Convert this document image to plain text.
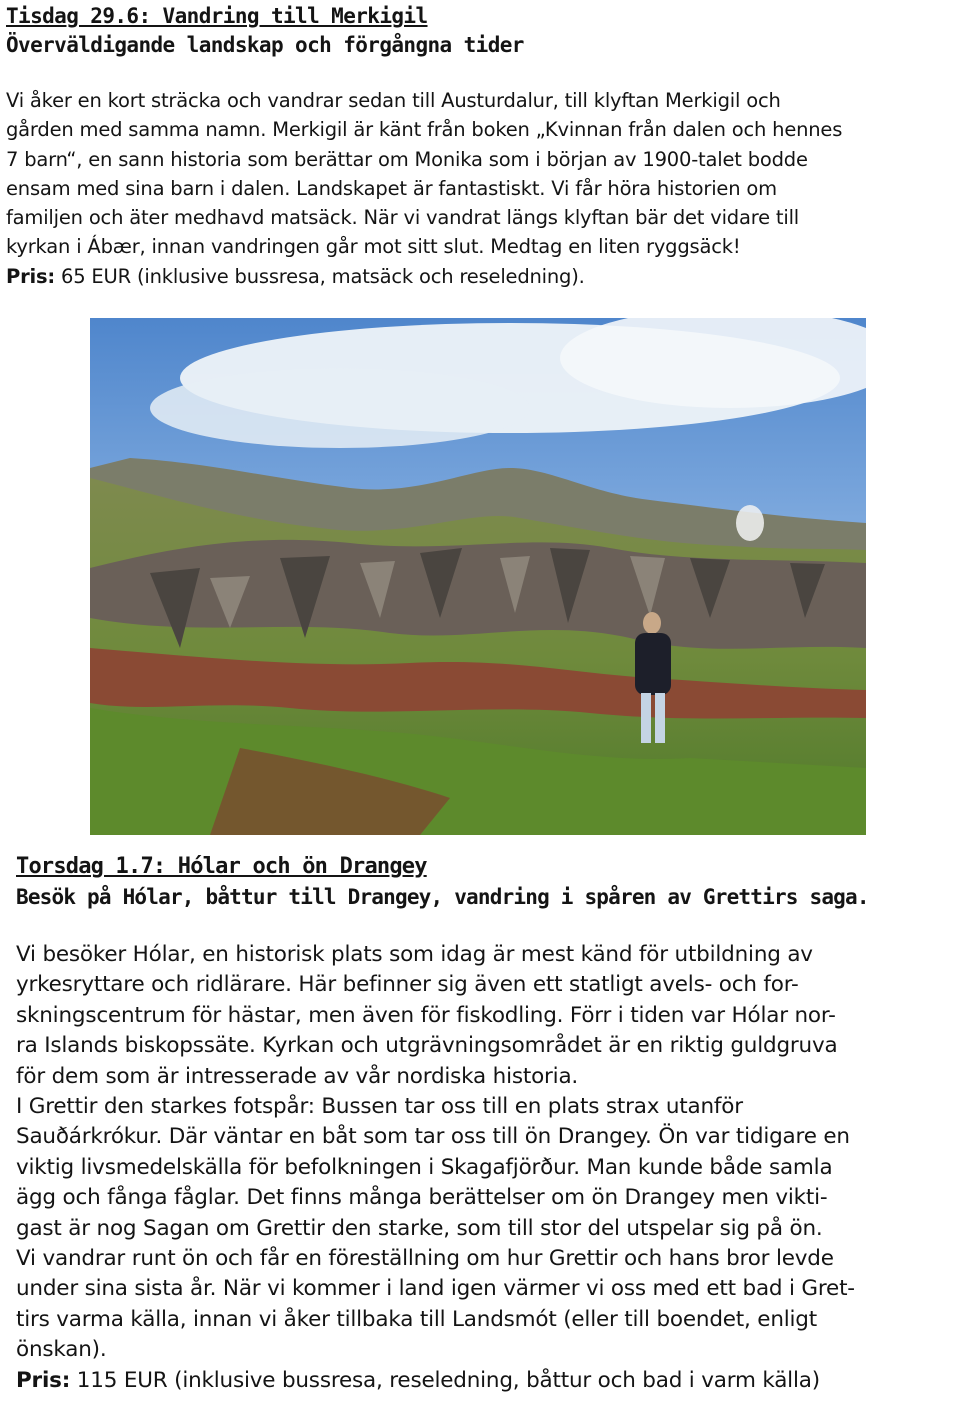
Tisdag 29.6: Vandring till Merkigil
Överväldigande landskap och förgångna tider

Vi åker en kort sträcka och vandrar sedan till Austurdalur, till klyftan Merkigil och

gården med samma namn. Merkigil är känt från boken „Kvinnan från dalen och hennes

7 barn“, en sann historia som berättar om Monika som i början av 1900-talet bodde

ensam med sina barn i dalen. Landskapet är fantastiskt. Vi får höra historien om

familjen och äter medhavd matsäck. När vi vandrat längs klyftan bär det vidare till

kyrkan i Ábær, innan vandringen går mot sitt slut. Medtag en liten ryggsäck!

Pris: 65 EUR (inklusive bussresa, matsäck och reseledning).

Torsdag 1.7: Hólar och ön Drangey
Besök på Hólar, båttur till Drangey, vandring i spåren av Grettirs saga.

Vi besöker Hólar, en historisk plats som idag är mest känd för utbildning av

yrkesryttare och ridlärare. Här befinner sig även ett statligt avels- och for-

skningscentrum för hästar, men även för fiskodling. Förr i tiden var Hólar nor-

ra Islands biskopssäte. Kyrkan och utgrävningsområdet är en riktig guldgruva

för dem som är intresserade av vår nordiska historia.

I Grettir den starkes fotspår: Bussen tar oss till en plats strax utanför

Sauðárkrókur. Där väntar en båt som tar oss till ön Drangey. Ön var tidigare en

viktig livsmedelskälla för befolkningen i Skagafjörður. Man kunde både samla

ägg och fånga fåglar. Det finns många berättelser om ön Drangey men vikti-

gast är nog Sagan om Grettir den starke, som till stor del utspelar sig på ön.

Vi vandrar runt ön och får en föreställning om hur Grettir och hans bror levde

under sina sista år. När vi kommer i land igen värmer vi oss med ett bad i Gret-

tirs varma källa, innan vi åker tillbaka till Landsmót (eller till boendet, enligt

önskan).

Pris: 115 EUR (inklusive bussresa, reseledning, båttur och bad i varm källa)
